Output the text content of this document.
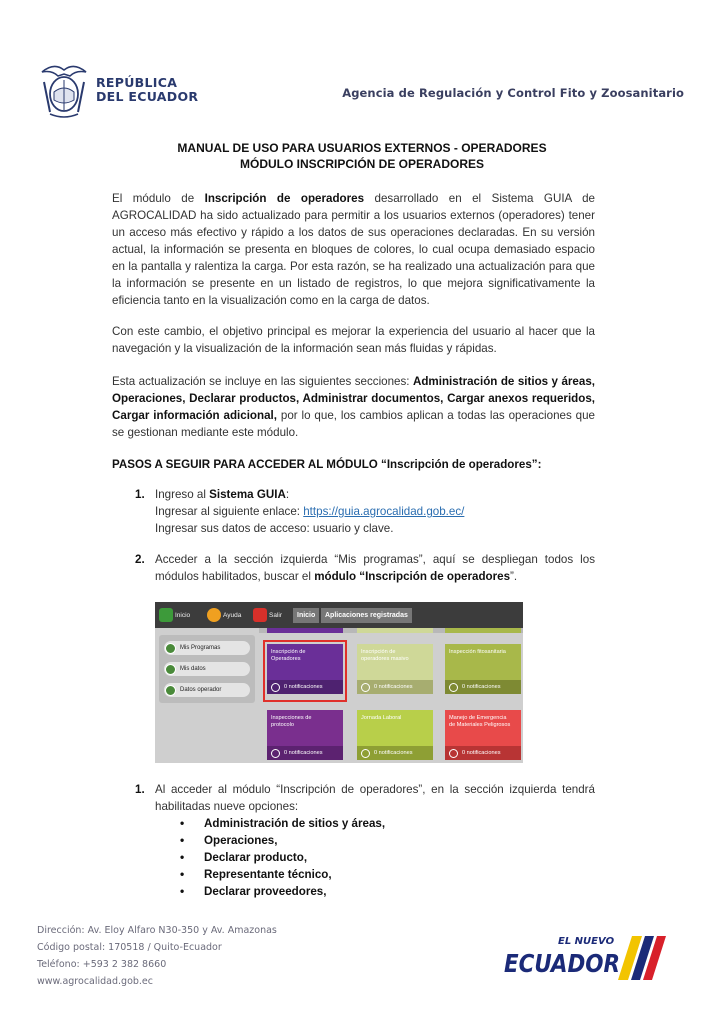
REPÚBLICA
DEL ECUADOR	Agencia de Regulación y Control Fito y Zoosanitario
MANUAL DE USO PARA USUARIOS EXTERNOS - OPERADORES
MÓDULO INSCRIPCIÓN DE OPERADORES
El módulo de Inscripción de operadores desarrollado en el Sistema GUIA de AGROCALIDAD ha sido actualizado para permitir a los usuarios externos (operadores) tener un acceso más efectivo y rápido a los datos de sus operaciones declaradas. En su versión actual, la información se presenta en bloques de colores, lo cual ocupa demasiado espacio en la pantalla y ralentiza la carga. Por esta razón, se ha realizado una actualización para que la información se presente en un listado de registros, lo que mejora significativamente la eficiencia tanto en la visualización como en la carga de datos.
Con este cambio, el objetivo principal es mejorar la experiencia del usuario al hacer que la navegación y la visualización de la información sean más fluidas y rápidas.
Esta actualización se incluye en las siguientes secciones: Administración de sitios y áreas, Operaciones, Declarar productos, Administrar documentos, Cargar anexos requeridos, Cargar información adicional, por lo que, los cambios aplican a todas las operaciones que se gestionan mediante este módulo.
PASOS A SEGUIR PARA ACCEDER AL MÓDULO “Inscripción de operadores”:
1. Ingreso al Sistema GUIA:
Ingresar al siguiente enlace: https://guia.agrocalidad.gob.ec/
Ingresar sus datos de acceso: usuario y clave.
2. Acceder a la sección izquierda “Mis programas”, aquí se despliegan todos los módulos habilitados, buscar el módulo “Inscripción de operadores”.
Inicio	Ayuda	Salir	Inicio	Aplicaciones registradas
Mis Programas
Mis datos
Datos operador
Inscripción de
Operadores
0 notificaciones
Inscripción de
operadores masivo
0 notificaciones
Inspección fitosanitaria
0 notificaciones
Inspecciones de
protocolo
0 notificaciones
Jornada Laboral
0 notificaciones
Manejo de Emergencia
de Materiales Peligrosos
0 notificaciones
1. Al acceder al módulo “Inscripción de operadores”, en la sección izquierda tendrá habilitadas nueve opciones:
• Administración de sitios y áreas,
• Operaciones,
• Declarar producto,
• Representante técnico,
• Declarar proveedores,
Dirección: Av. Eloy Alfaro N30-350 y Av. Amazonas
Código postal: 170518 / Quito-Ecuador
Teléfono: +593 2 382 8660
www.agrocalidad.gob.ec
EL NUEVO
ECUADOR
